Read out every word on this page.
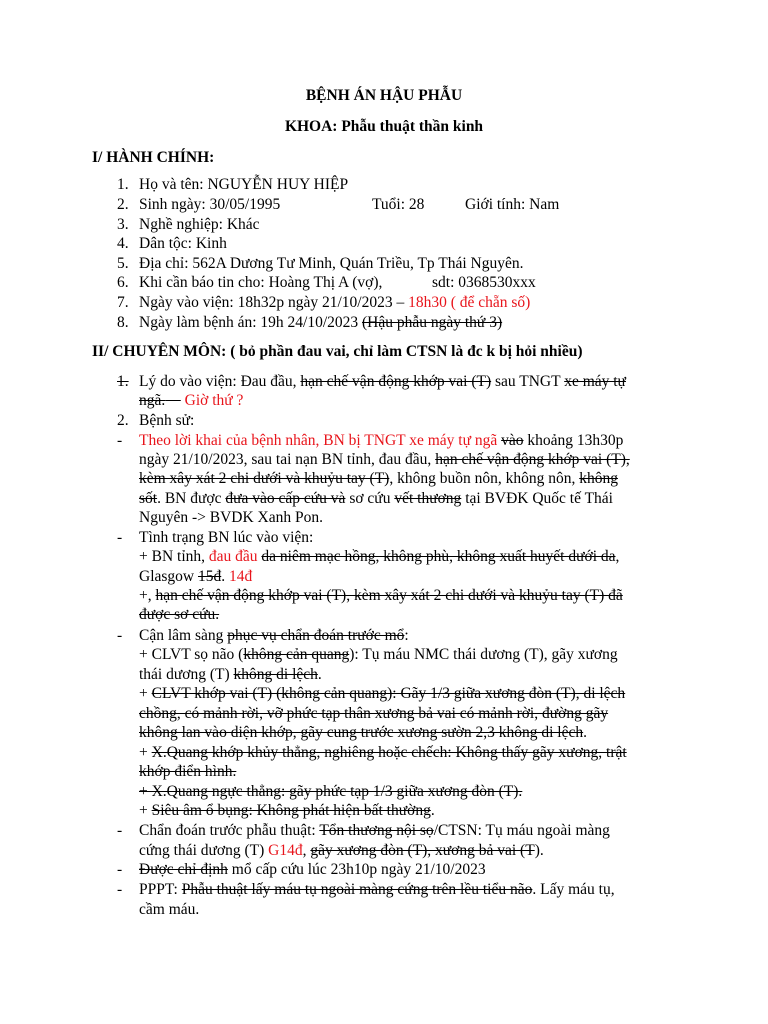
BỆNH ÁN HẬU PHẪU
KHOA: Phẫu thuật thần kinh
I/ HÀNH CHÍNH:
1. Họ và tên: NGUYỄN HUY HIỆP
2. Sinh ngày: 30/05/1995	Tuổi: 28	Giới tính: Nam
3. Nghề nghiệp: Khác
4. Dân tộc: Kinh
5. Địa chỉ: 562A Dương Tư Minh, Quán Triều, Tp Thái Nguyên.
6. Khi cần báo tin cho: Hoàng Thị A (vợ),	sdt: 0368530xxx
7. Ngày vào viện: 18h32p ngày 21/10/2023 – 18h30 ( để chẵn số)
8. Ngày làm bệnh án: 19h 24/10/2023 (Hậu phẫu ngày thứ 3)
II/ CHUYÊN MÔN: ( bỏ phần đau vai, chỉ làm CTSN là đc k bị hỏi nhiều)
1. Lý do vào viện: Đau đầu, hạn chế vận động khớp vai (T) sau TNGT xe máy tự
ngã. Giờ thứ ?
2. Bệnh sử:
- Theo lời khai của bệnh nhân, BN bị TNGT xe máy tự ngã vào khoảng 13h30p
ngày 21/10/2023, sau tai nạn BN tỉnh, đau đầu, hạn chế vận động khớp vai (T),
kèm xây xát 2 chi dưới và khuỷu tay (T), không buồn nôn, không nôn, không
sốt. BN được đưa vào cấp cứu và sơ cứu vết thương tại BVĐK Quốc tế Thái
Nguyên -> BVDK Xanh Pon.
- Tình trạng BN lúc vào viện:
+ BN tỉnh, đau đầu da niêm mạc hồng, không phù, không xuất huyết dưới da,
Glasgow 15đ. 14đ
+, hạn chế vận động khớp vai (T), kèm xây xát 2 chi dưới và khuỷu tay (T) đã
được sơ cứu.
- Cận lâm sàng phục vụ chẩn đoán trước mổ:
+ CLVT sọ não (không cản quang): Tụ máu NMC thái dương (T), gãy xương
thái dương (T) không di lệch.
+ CLVT khớp vai (T) (không cản quang): Gãy 1/3 giữa xương đòn (T), di lệch
chồng, có mảnh rời, vỡ phức tạp thân xương bả vai có mảnh rời, đường gãy
không lan vào diện khớp, gãy cung trước xương sườn 2,3 không di lệch.
+ X.Quang khớp khủy thẳng, nghiêng hoặc chếch: Không thấy gãy xương, trật
khớp điển hình.
+ X.Quang ngực thẳng: gãy phức tạp 1/3 giữa xương đòn (T).
+ Siêu âm ổ bụng: Không phát hiện bất thường.
- Chẩn đoán trước phẫu thuật: Tổn thương nội sọ/CTSN: Tụ máu ngoài màng
cứng thái dương (T) G14đ, gãy xương đòn (T), xương bả vai (T).
- Được chỉ định mổ cấp cứu lúc 23h10p ngày 21/10/2023
- PPPT: Phẫu thuật lấy máu tụ ngoài màng cứng trên lều tiểu não. Lấy máu tụ,
cầm máu.
